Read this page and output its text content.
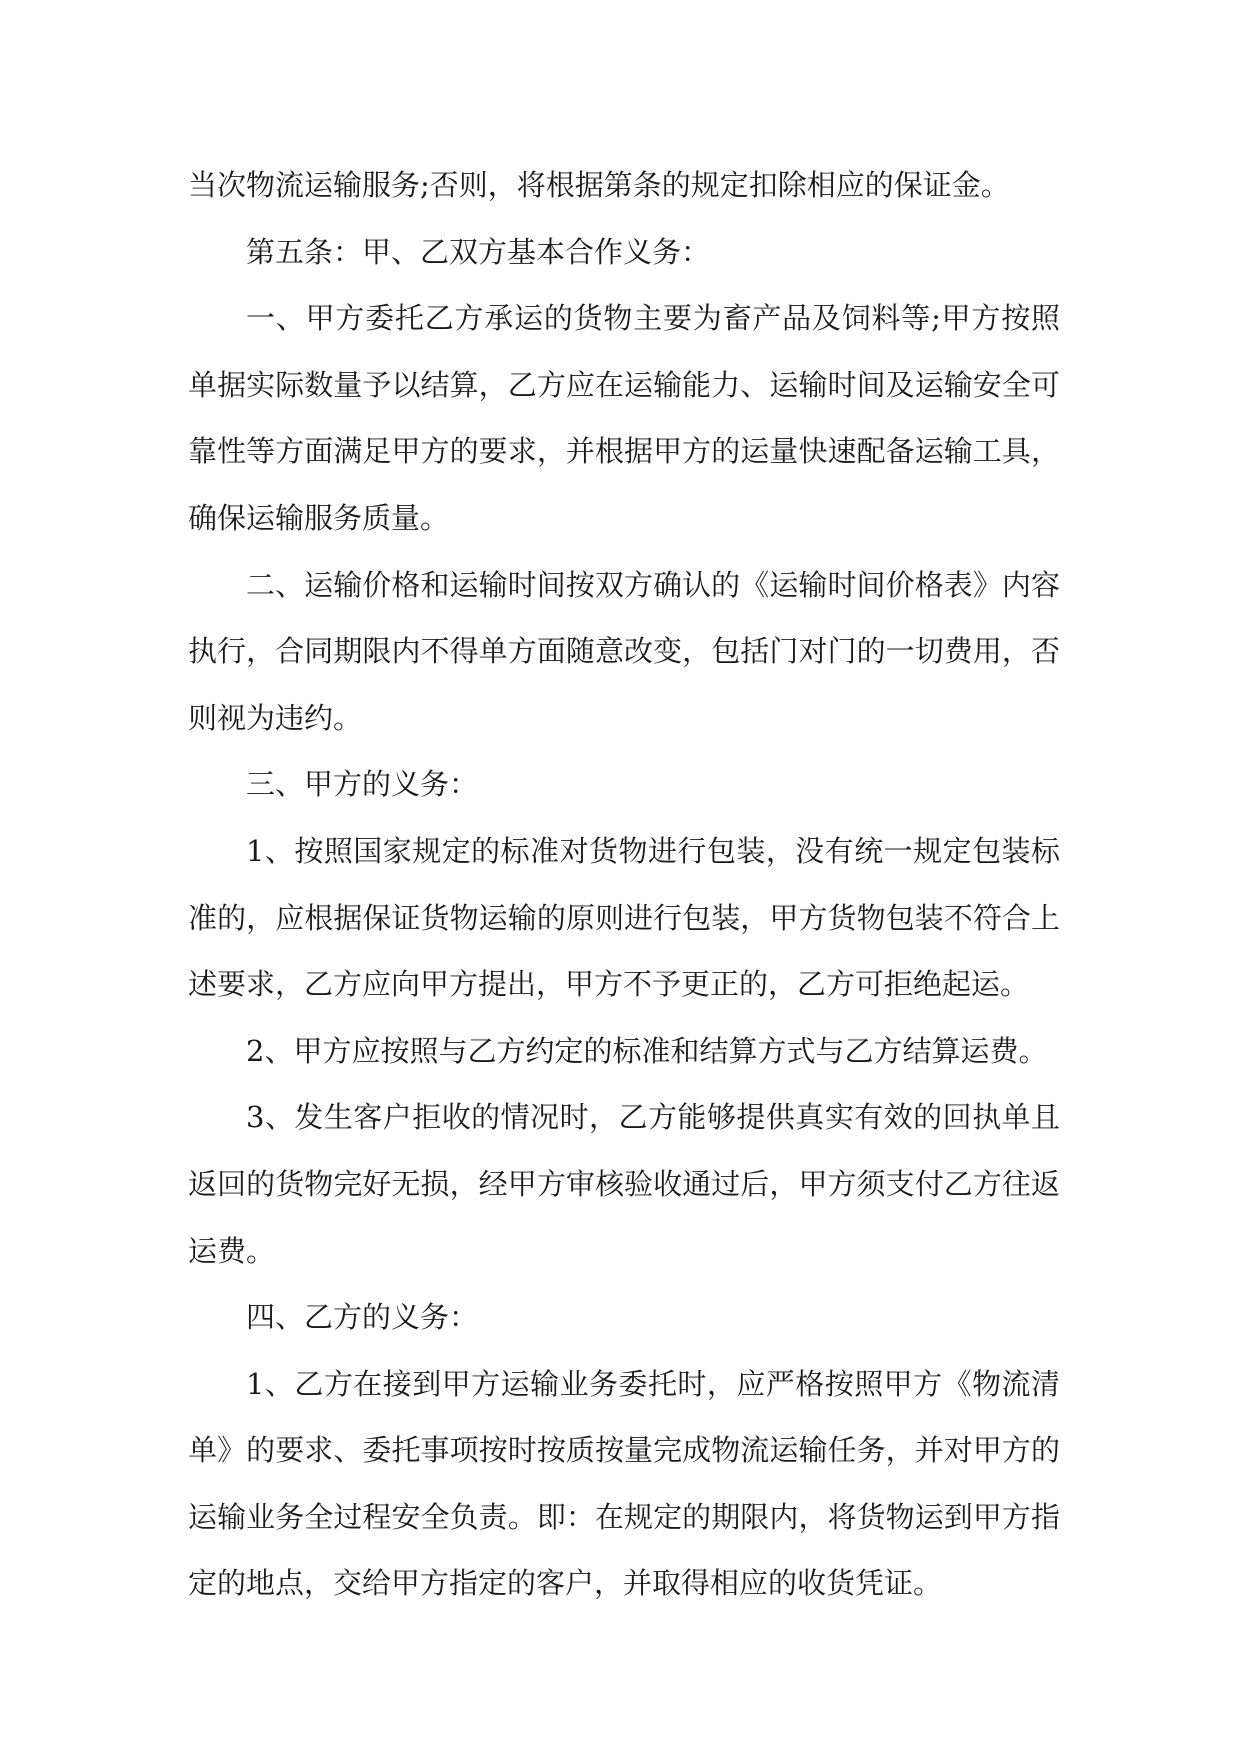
当次物流运输服务;否则，将根据第条的规定扣除相应的保证金。

第五条：甲、乙双方基本合作义务：

一、甲方委托乙方承运的货物主要为畜产品及饲料等;甲方按照单据实际数量予以结算，乙方应在运输能力、运输时间及运输安全可靠性等方面满足甲方的要求，并根据甲方的运量快速配备运输工具，确保运输服务质量。

二、运输价格和运输时间按双方确认的《运输时间价格表》内容执行，合同期限内不得单方面随意改变，包括门对门的一切费用，否则视为违约。

三、甲方的义务：

1、按照国家规定的标准对货物进行包装，没有统一规定包装标准的，应根据保证货物运输的原则进行包装，甲方货物包装不符合上述要求，乙方应向甲方提出，甲方不予更正的，乙方可拒绝起运。

2、甲方应按照与乙方约定的标准和结算方式与乙方结算运费。

3、发生客户拒收的情况时，乙方能够提供真实有效的回执单且返回的货物完好无损，经甲方审核验收通过后，甲方须支付乙方往返运费。

四、乙方的义务：

1、乙方在接到甲方运输业务委托时，应严格按照甲方《物流清单》的要求、委托事项按时按质按量完成物流运输任务，并对甲方的运输业务全过程安全负责。即：在规定的期限内，将货物运到甲方指定的地点，交给甲方指定的客户，并取得相应的收货凭证。
